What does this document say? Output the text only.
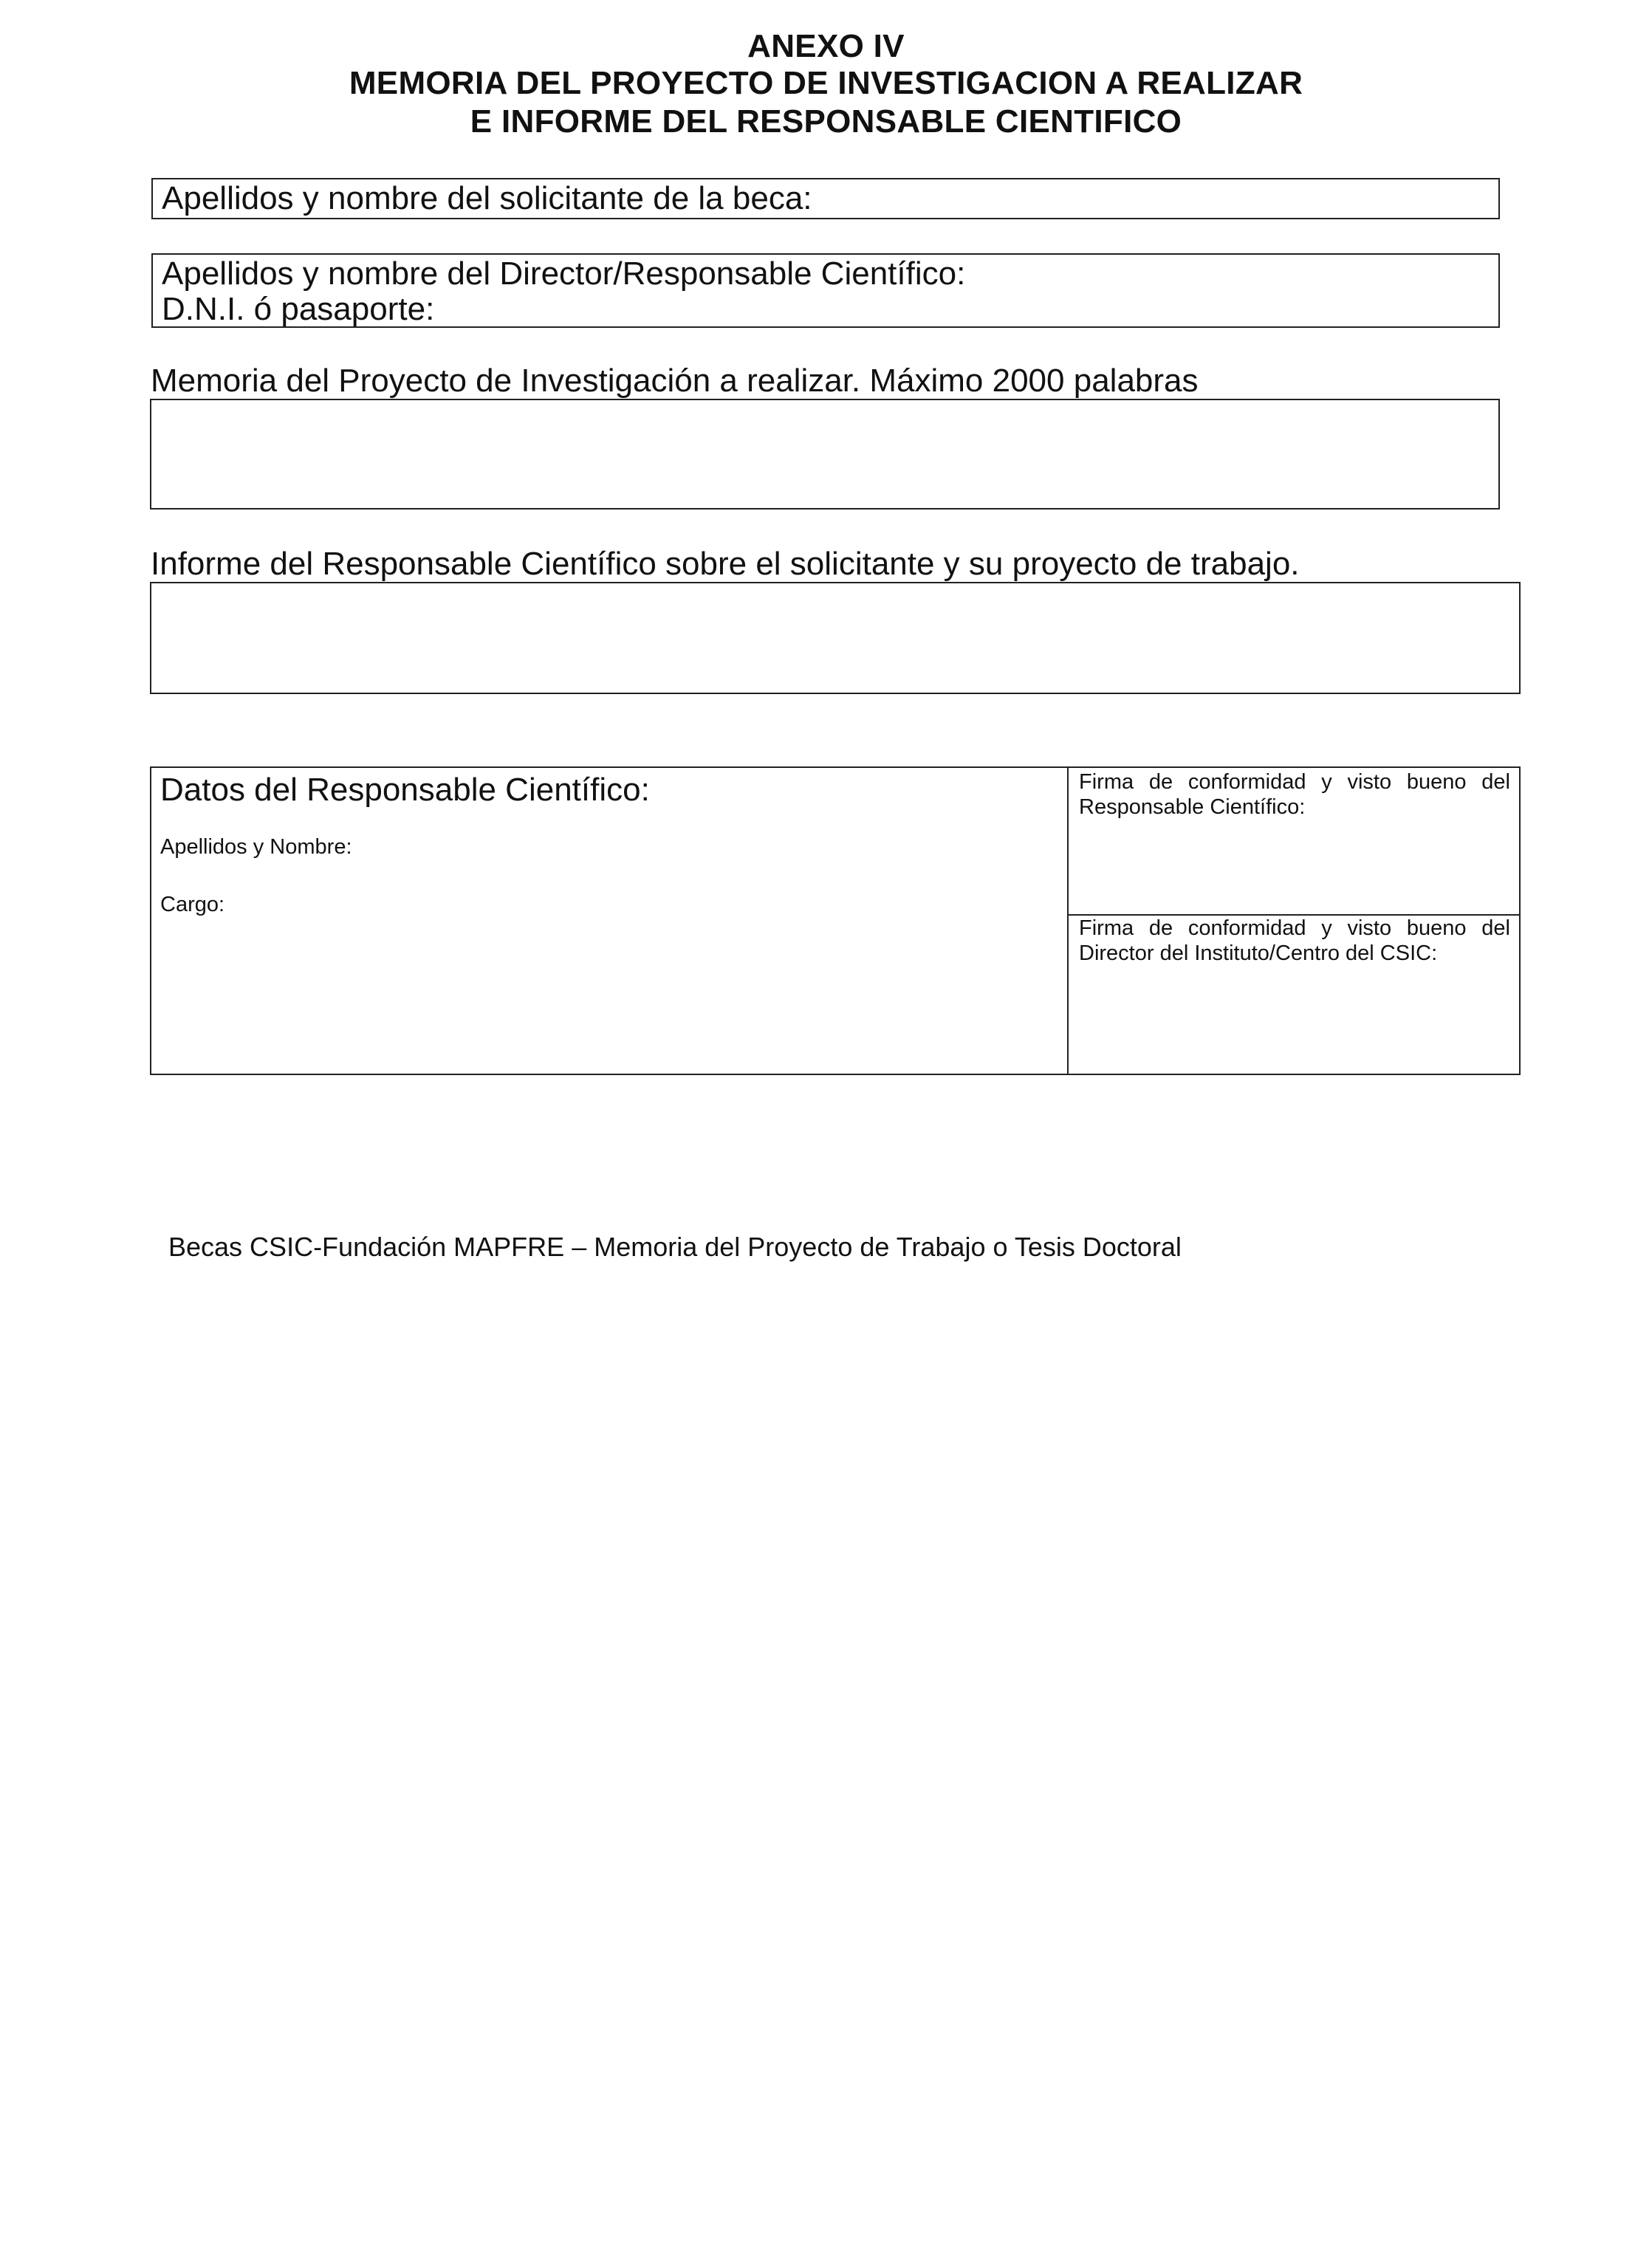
ANEXO IV
MEMORIA DEL PROYECTO DE INVESTIGACION A REALIZAR
E INFORME DEL RESPONSABLE CIENTIFICO
Apellidos y nombre del solicitante de la beca:
Apellidos y nombre del Director/Responsable Científico:
D.N.I. ó pasaporte:
Memoria del Proyecto de Investigación a realizar. Máximo 2000 palabras
Informe del Responsable Científico sobre el solicitante y su proyecto de trabajo.
Datos del Responsable Científico:
Apellidos y Nombre:
Cargo:
Firma de conformidad y visto bueno del Responsable Científico:
Firma de conformidad y visto bueno del Director del Instituto/Centro del CSIC:
Becas CSIC-Fundación MAPFRE – Memoria del Proyecto de Trabajo o Tesis Doctoral
